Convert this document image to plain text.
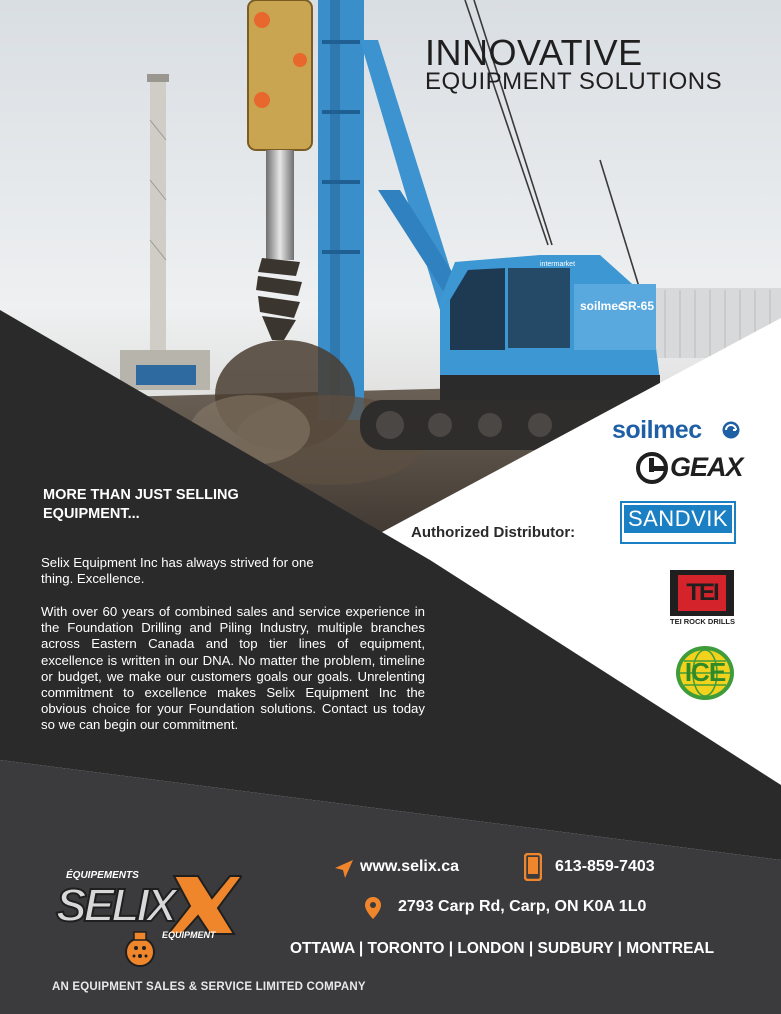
soilmec
SR-65
intermarket
INNOVATIVE
EQUIPMENT SOLUTIONS
MORE THAN JUST SELLING EQUIPMENT...
Selix Equipment Inc has always strived for one thing. Excellence.
With over 60 years of combined sales and service experience in the Foundation Drilling and Piling Industry, multiple branches across Eastern Canada and top tier lines of equipment, excellence is written in our DNA. No matter the problem, timeline or budget, we make our customers goals our goals. Unrelenting commitment to excellence makes Selix Equipment Inc the obvious choice for your Foundation solutions. Contact us today so we can begin our commitment.
Authorized Distributor:
soilmec
GEAX
SANDVIK
TEI
TEI ROCK DRILLS
ICE
ÉQUIPEMENTS
SELIX
EQUIPMENT
www.selix.ca	613-859-7403
2793 Carp Rd, Carp, ON K0A 1L0
OTTAWA | TORONTO | LONDON | SUDBURY | MONTREAL
AN EQUIPMENT SALES & SERVICE LIMITED COMPANY
